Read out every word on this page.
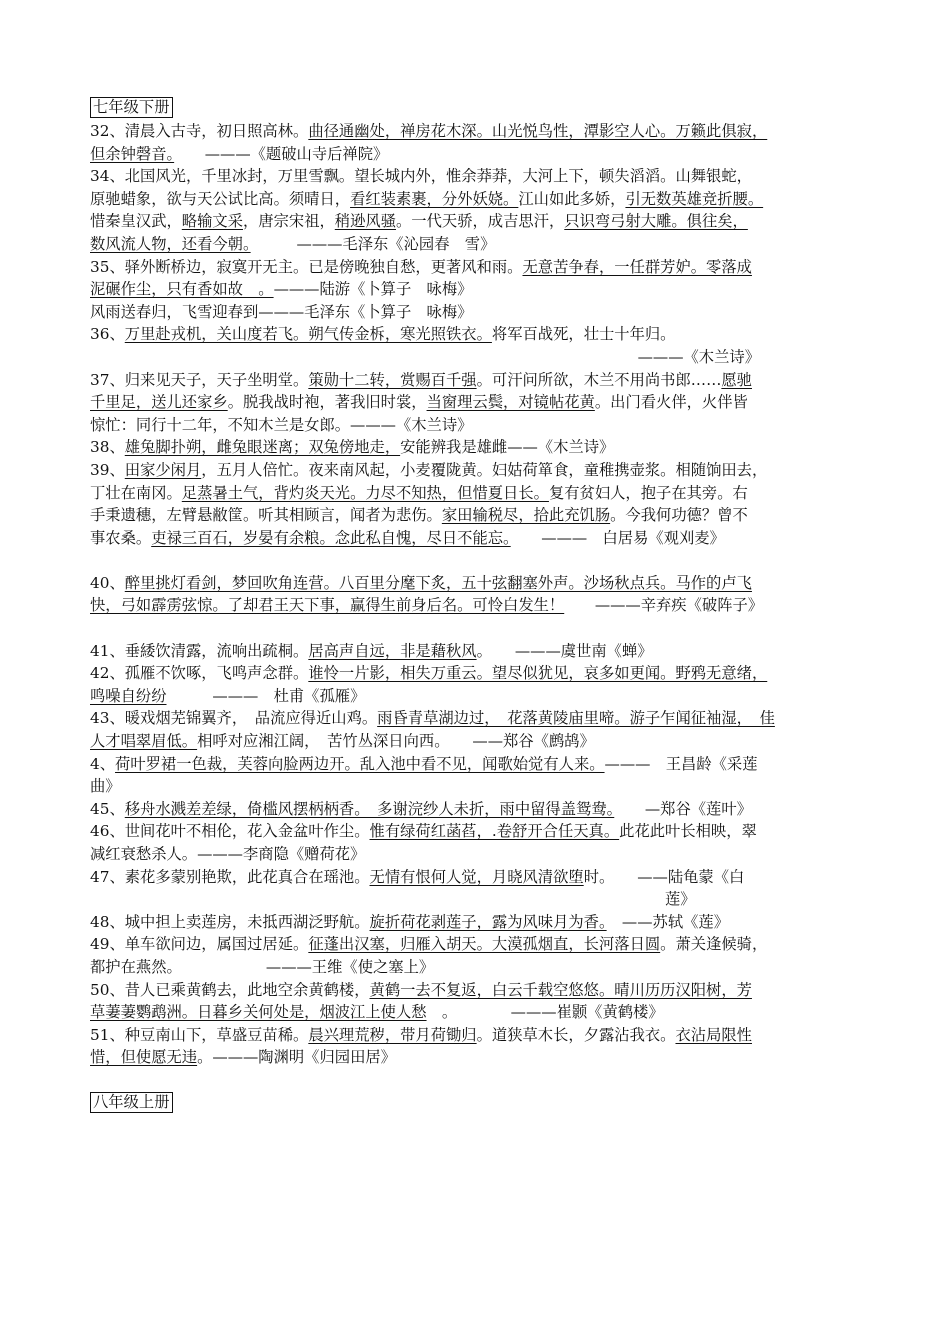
七年级下册
32、清晨入古寺，初日照高林。曲径通幽处，禅房花木深。山光悦鸟性，潭影空人心。万籁此俱寂，
但余钟磬音。　　———《题破山寺后禅院》
34、北国风光，千里冰封，万里雪飘。望长城内外，惟余莽莽，大河上下，顿失滔滔。山舞银蛇，
原驰蜡象，欲与天公试比高。须晴日，看红装素裹，分外妖娆。江山如此多娇，引无数英雄竞折腰。
惜秦皇汉武，略输文采，唐宗宋祖，稍逊风骚。一代天骄，成吉思汗，只识弯弓射大雕。俱往矣，
数风流人物，还看今朝。　　　———毛泽东《沁园春　雪》
35、驿外断桥边，寂寞开无主。已是傍晚独自愁，更著风和雨。无意苦争春，一任群芳妒。零落成
泥碾作尘，只有香如故　。———陆游《卜算子　咏梅》
风雨送春归，飞雪迎春到———毛泽东《卜算子　咏梅》
36、万里赴戎机，关山度若飞。朔气传金柝，寒光照铁衣。将军百战死，壮士十年归。
———《木兰诗》
37、归来见天子，天子坐明堂。策勋十二转，赏赐百千强。可汗问所欲，木兰不用尚书郎……愿驰
千里足，送儿还家乡。脱我战时袍，著我旧时裳，当窗理云鬓，对镜帖花黄。出门看火伴，火伴皆
惊忙：同行十二年，不知木兰是女郎。———《木兰诗》
38、雄兔脚扑朔，雌兔眼迷离；双兔傍地走，安能辨我是雄雌——《木兰诗》
39、田家少闲月，五月人倍忙。夜来南风起，小麦覆陇黄。妇姑荷箪食，童稚携壶浆。相随饷田去，
丁壮在南冈。足蒸暑土气，背灼炎天光。力尽不知热，但惜夏日长。复有贫妇人，抱子在其旁。右
手秉遗穗，左臂悬敝筐。听其相顾言，闻者为悲伤。家田输税尽，拾此充饥肠。今我何功德？曾不
事农桑。吏禄三百石，岁晏有余粮。念此私自愧，尽日不能忘。　　———　白居易《观刈麦》
40、醉里挑灯看剑，梦回吹角连营。八百里分麾下炙，五十弦翻塞外声。沙场秋点兵。马作的卢飞
快，弓如霹雳弦惊。了却君王天下事，赢得生前身后名。可怜白发生！　　———辛弃疾《破阵子》
41、垂緌饮清露，流响出疏桐。居高声自远，非是藉秋风。　　———虞世南《蝉》
42、孤雁不饮啄，飞鸣声念群。谁怜一片影，相失万重云。望尽似犹见，哀多如更闻。野鸦无意绪，
鸣噪自纷纷　　　———　杜甫《孤雁》
43、暖戏烟芜锦翼齐，　品流应得近山鸡。雨昏青草湖边过，　花落黄陵庙里啼。游子乍闻征袖湿，　佳
人才唱翠眉低。相呼对应湘江阔，　苦竹丛深日向西。　　——郑谷《鹧鸪》
4、荷叶罗裙一色裁，芙蓉向脸两边开。乱入池中看不见，闻歌始觉有人来。———　王昌龄《采莲
曲》
45、移舟水溅差差绿，倚槛风摆柄柄香。　多谢浣纱人未折，雨中留得盖鸳鸯。　　—郑谷《莲叶》
46、世间花叶不相伦，花入金盆叶作尘。惟有绿荷红菡萏，.卷舒开合任天真。此花此叶长相映，翠
减红衰愁杀人。———李商隐《赠荷花》
47、素花多蒙别艳欺，此花真合在瑶池。无情有恨何人觉，月晓风清欲堕时。　　——陆龟蒙《白
莲》
48、城中担上卖莲房，未抵西湖泛野航。旋折荷花剥莲子，露为风味月为香。　——苏轼《莲》
49、单车欲问边，属国过居延。征蓬出汉塞，归雁入胡天。大漠孤烟直，长河落日圆。萧关逢候骑，
都护在燕然。　　　　　　———王维《使之塞上》
50、昔人已乘黄鹤去，此地空余黄鹤楼，黄鹤一去不复返，白云千载空悠悠。晴川历历汉阳树，芳
草萋萋鹦鹉洲。日暮乡关何处是，烟波江上使人愁　。　　　　———崔颢《黄鹤楼》
51、种豆南山下，草盛豆苗稀。晨兴理荒秽，带月荷锄归。道狭草木长，夕露沾我衣。衣沾局限性
惜，但使愿无违。———陶渊明《归园田居》
八年级上册
